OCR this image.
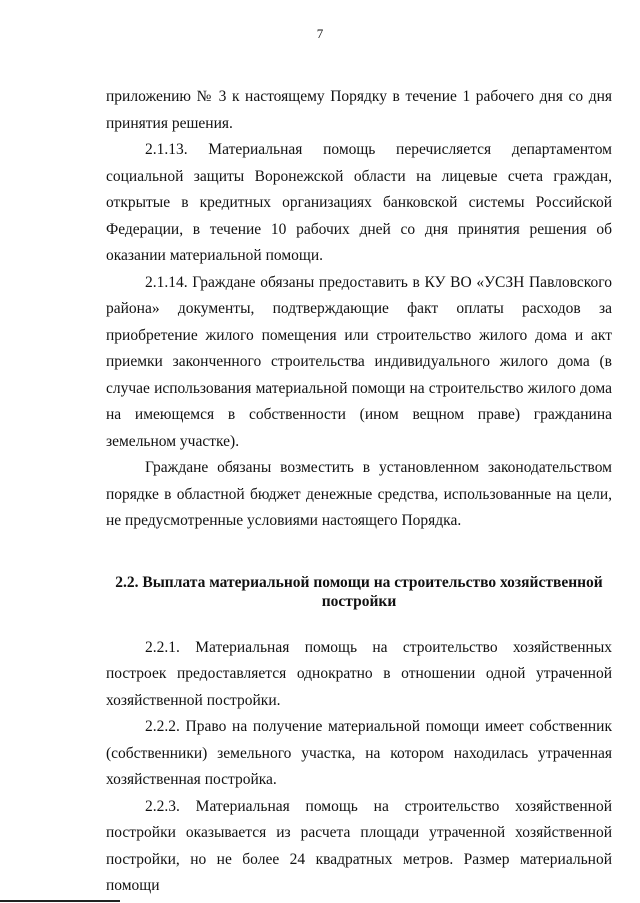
7

приложению № 3 к настоящему Порядку в течение 1 рабочего дня со дня принятия решения.

2.1.13. Материальная помощь перечисляется департаментом социальной защиты Воронежской области на лицевые счета граждан, открытые в кредитных организациях банковской системы Российской Федерации, в течение 10 рабочих дней со дня принятия решения об оказании материальной помощи.

2.1.14. Граждане обязаны предоставить в КУ ВО «УСЗН Павловского района» документы, подтверждающие факт оплаты расходов за приобретение жилого помещения или строительство жилого дома и акт приемки законченного строительства индивидуального жилого дома (в случае использования материальной помощи на строительство жилого дома на имеющемся в собственности (ином вещном праве) гражданина земельном участке).

Граждане обязаны возместить в установленном законодательством порядке в областной бюджет денежные средства, использованные на цели, не предусмотренные условиями настоящего Порядка.

2.2. Выплата материальной помощи на строительство хозяйственной постройки

2.2.1. Материальная помощь на строительство хозяйственных построек предоставляется однократно в отношении одной утраченной хозяйственной постройки.

2.2.2. Право на получение материальной помощи имеет собственник (собственники) земельного участка, на котором находилась утраченная хозяйственная постройка.

2.2.3. Материальная помощь на строительство хозяйственной постройки оказывается из расчета площади утраченной хозяйственной постройки, но не более 24 квадратных метров. Размер материальной помощи
